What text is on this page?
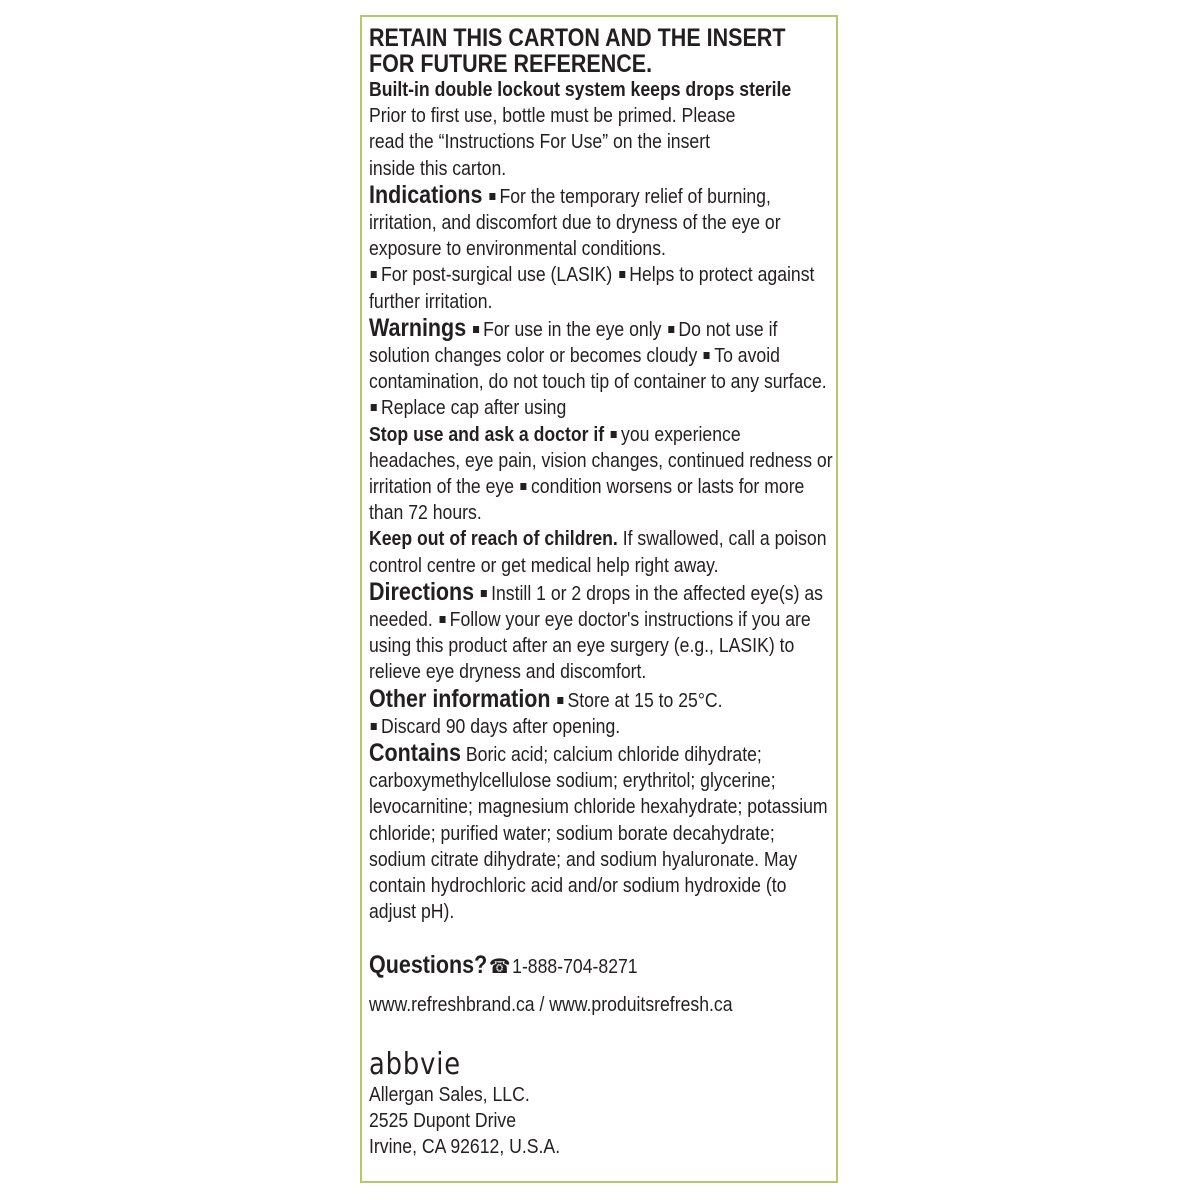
RETAIN THIS CARTON AND THE INSERT FOR FUTURE REFERENCE.

Built-in double lockout system keeps drops sterile

Prior to first use, bottle must be primed. Please read the “Instructions For Use” on the insert inside this carton.

Indications For the temporary relief of burning, irritation, and discomfort due to dryness of the eye or exposure to environmental conditions.
For post-surgical use (LASIK) Helps to protect against further irritation.

Warnings For use in the eye only Do not use if solution changes color or becomes cloudy To avoid contamination, do not touch tip of container to any surface. Replace cap after using

Stop use and ask a doctor if you experience headaches, eye pain, vision changes, continued redness or irritation of the eye condition worsens or lasts for more than 72 hours.

Keep out of reach of children. If swallowed, call a poison control centre or get medical help right away.

Directions Instill 1 or 2 drops in the affected eye(s) as needed. Follow your eye doctor's instructions if you are using this product after an eye surgery (e.g., LASIK) to relieve eye dryness and discomfort.

Other information Store at 15 to 25°C.
Discard 90 days after opening.

Contains Boric acid; calcium chloride dihydrate; carboxymethylcellulose sodium; erythritol; glycerine; levocarnitine; magnesium chloride hexahydrate; potassium chloride; purified water; sodium borate decahydrate; sodium citrate dihydrate; and sodium hyaluronate. May contain hydrochloric acid and/or sodium hydroxide (to adjust pH).

Questions?☎1-888-704-8271

www.refreshbrand.ca / www.produitsrefresh.ca

abbvie

Allergan Sales, LLC.

2525 Dupont Drive

Irvine, CA 92612, U.S.A.
